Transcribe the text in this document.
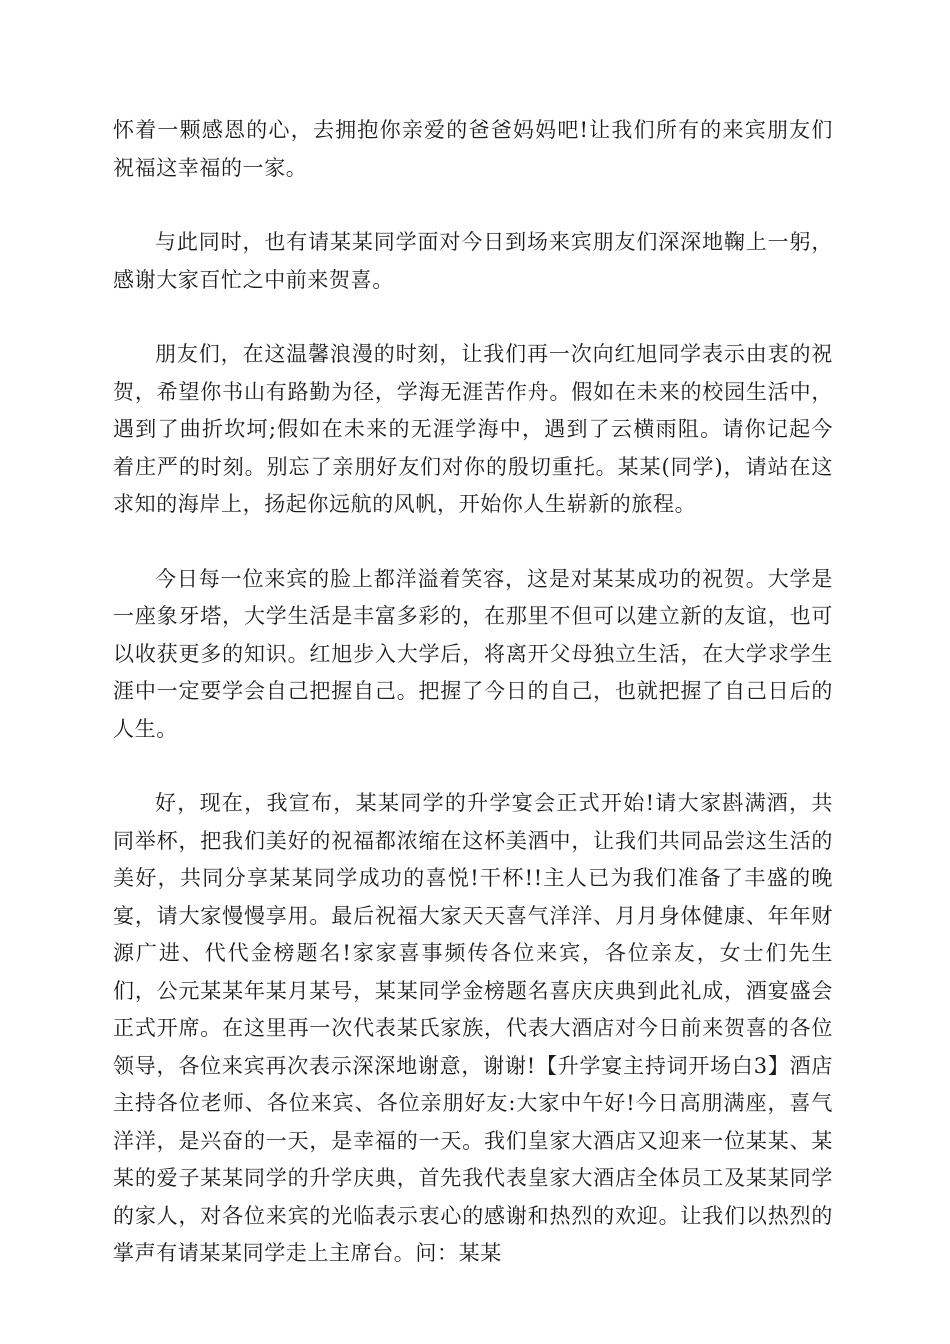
怀着一颗感恩的心，去拥抱你亲爱的爸爸妈妈吧!让我们所有的来宾朋友们祝福这幸福的一家。

与此同时，也有请某某同学面对今日到场来宾朋友们深深地鞠上一躬，感谢大家百忙之中前来贺喜。

朋友们，在这温馨浪漫的时刻，让我们再一次向红旭同学表示由衷的祝贺，希望你书山有路勤为径，学海无涯苦作舟。假如在未来的校园生活中，遇到了曲折坎坷;假如在未来的无涯学海中，遇到了云横雨阻。请你记起今着庄严的时刻。别忘了亲朋好友们对你的殷切重托。某某(同学)，请站在这求知的海岸上，扬起你远航的风帆，开始你人生崭新的旅程。

今日每一位来宾的脸上都洋溢着笑容，这是对某某成功的祝贺。大学是一座象牙塔，大学生活是丰富多彩的，在那里不但可以建立新的友谊，也可以收获更多的知识。红旭步入大学后，将离开父母独立生活，在大学求学生涯中一定要学会自己把握自己。把握了今日的自己，也就把握了自己日后的人生。

好，现在，我宣布，某某同学的升学宴会正式开始!请大家斟满酒，共同举杯，把我们美好的祝福都浓缩在这杯美酒中，让我们共同品尝这生活的美好，共同分享某某同学成功的喜悦!干杯!!主人已为我们准备了丰盛的晚宴，请大家慢慢享用。最后祝福大家天天喜气洋洋、月月身体健康、年年财源广进、代代金榜题名!家家喜事频传各位来宾，各位亲友，女士们先生们，公元某某年某月某号，某某同学金榜题名喜庆庆典到此礼成，酒宴盛会正式开席。在这里再一次代表某氏家族，代表大酒店对今日前来贺喜的各位领导，各位来宾再次表示深深地谢意，谢谢!【升学宴主持词开场白3】酒店主持各位老师、各位来宾、各位亲朋好友:大家中午好!今日高朋满座，喜气洋洋，是兴奋的一天，是幸福的一天。我们皇家大酒店又迎来一位某某、某某的爱子某某同学的升学庆典，首先我代表皇家大酒店全体员工及某某同学的家人，对各位来宾的光临表示衷心的感谢和热烈的欢迎。让我们以热烈的掌声有请某某同学走上主席台。问：某某
